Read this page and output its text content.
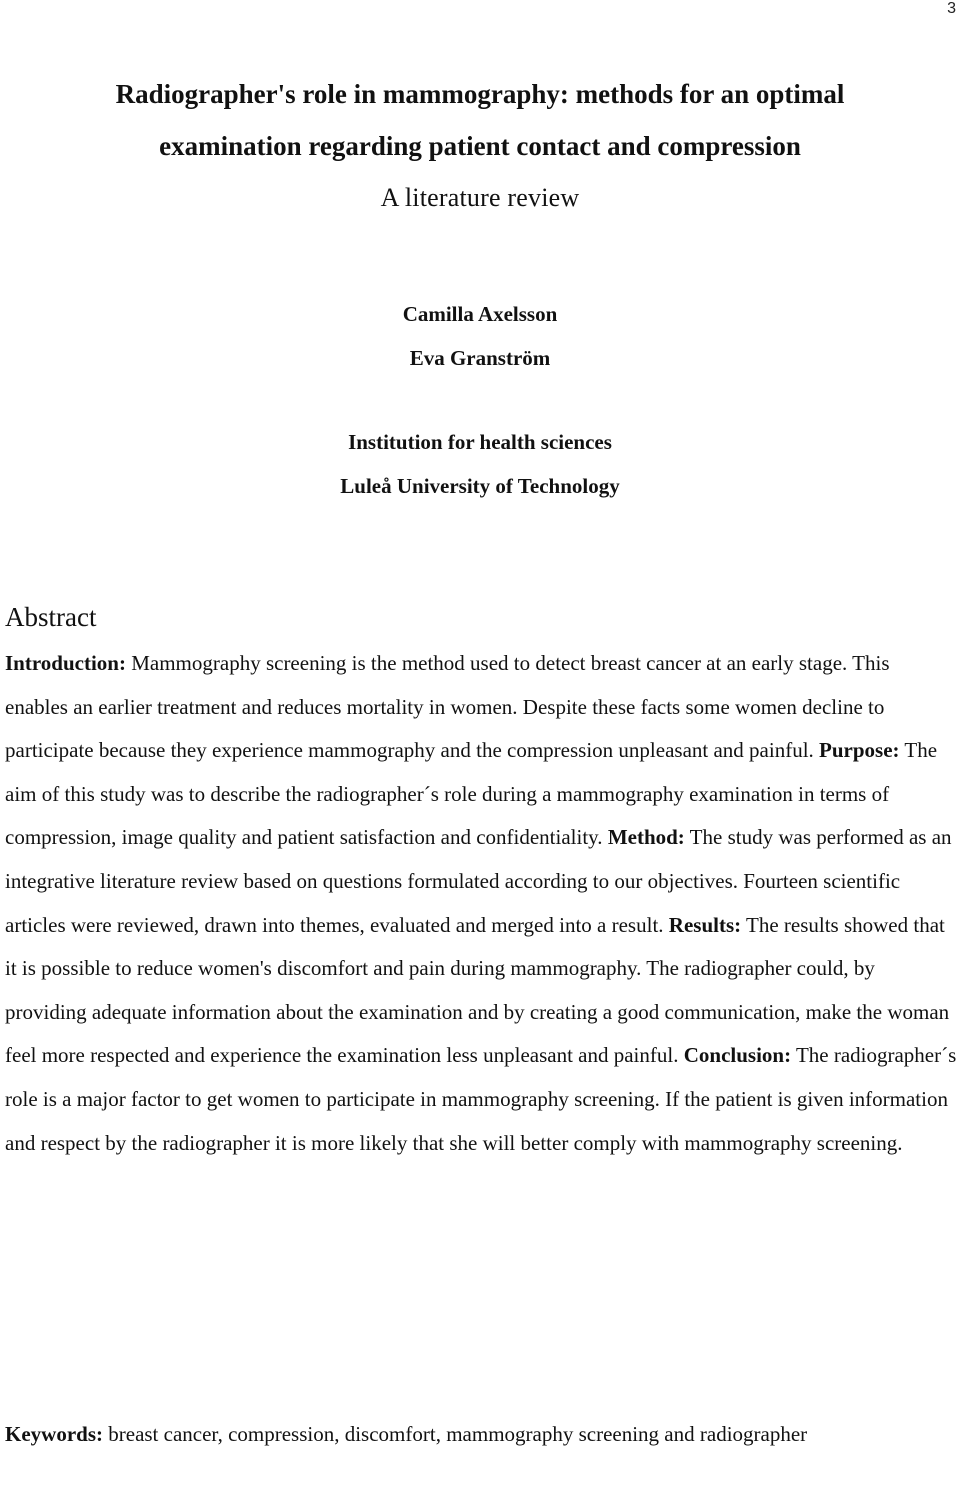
3
Radiographer's role in mammography: methods for an optimal
examination regarding patient contact and compression
A literature review
Camilla Axelsson
Eva Granström
Institution for health sciences
Luleå University of Technology
Abstract
Introduction: Mammography screening is the method used to detect breast cancer at an early stage. This enables an earlier treatment and reduces mortality in women. Despite these facts some women decline to participate because they experience mammography and the compression unpleasant and painful. Purpose: The aim of this study was to describe the radiographer´s role during a mammography examination in terms of compression, image quality and patient satisfaction and confidentiality. Method: The study was performed as an integrative literature review based on questions formulated according to our objectives. Fourteen scientific articles were reviewed, drawn into themes, evaluated and merged into a result. Results: The results showed that it is possible to reduce women's discomfort and pain during mammography. The radiographer could, by providing adequate information about the examination and by creating a good communication, make the woman feel more respected and experience the examination less unpleasant and painful. Conclusion: The radiographer´s role is a major factor to get women to participate in mammography screening. If the patient is given information and respect by the radiographer it is more likely that she will better comply with mammography screening.
Keywords: breast cancer, compression, discomfort, mammography screening and radiographer
